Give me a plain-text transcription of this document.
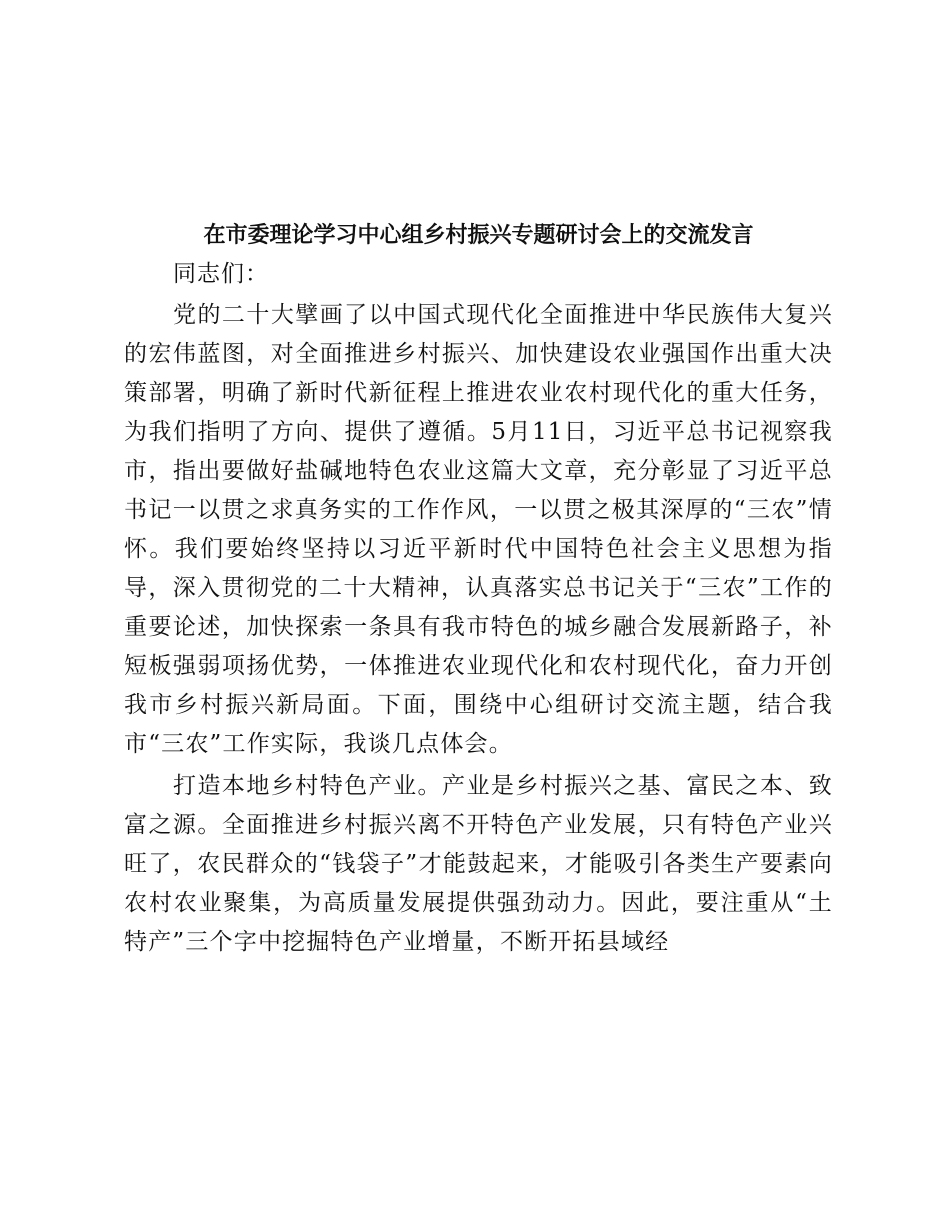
在市委理论学习中心组乡村振兴专题研讨会上的交流发言

同志们：

党的二十大擘画了以中国式现代化全面推进中华民族伟大复兴的宏伟蓝图，对全面推进乡村振兴、加快建设农业强国作出重大决策部署，明确了新时代新征程上推进农业农村现代化的重大任务，为我们指明了方向、提供了遵循。5月11日，习近平总书记视察我市，指出要做好盐碱地特色农业这篇大文章，充分彰显了习近平总书记一以贯之求真务实的工作作风，一以贯之极其深厚的“三农”情怀。我们要始终坚持以习近平新时代中国特色社会主义思想为指导，深入贯彻党的二十大精神，认真落实总书记关于“三农”工作的重要论述，加快探索一条具有我市特色的城乡融合发展新路子，补短板强弱项扬优势，一体推进农业现代化和农村现代化，奋力开创我市乡村振兴新局面。下面，围绕中心组研讨交流主题，结合我市“三农”工作实际，我谈几点体会。

打造本地乡村特色产业。产业是乡村振兴之基、富民之本、致富之源。全面推进乡村振兴离不开特色产业发展，只有特色产业兴旺了，农民群众的“钱袋子”才能鼓起来，才能吸引各类生产要素向农村农业聚集，为高质量发展提供强劲动力。因此，要注重从“土特产”三个字中挖掘特色产业增量，不断开拓县域经
